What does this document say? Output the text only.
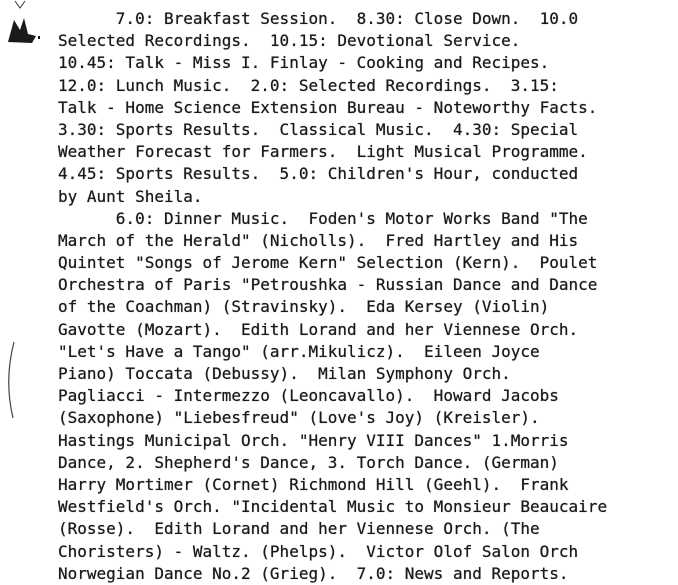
7.0: Breakfast Session.  8.30: Close Down.  10.0
Selected Recordings.  10.15: Devotional Service.
10.45: Talk - Miss I. Finlay - Cooking and Recipes.
12.0: Lunch Music.  2.0: Selected Recordings.  3.15:
Talk - Home Science Extension Bureau - Noteworthy Facts.
3.30: Sports Results.  Classical Music.  4.30: Special
Weather Forecast for Farmers.  Light Musical Programme.
4.45: Sports Results.  5.0: Children's Hour, conducted
by Aunt Sheila.
6.0: Dinner Music.  Foden's Motor Works Band "The
March of the Herald" (Nicholls).  Fred Hartley and His
Quintet "Songs of Jerome Kern" Selection (Kern).  Poulet
Orchestra of Paris "Petroushka - Russian Dance and Dance
of the Coachman) (Stravinsky).  Eda Kersey (Violin)
Gavotte (Mozart).  Edith Lorand and her Viennese Orch.
"Let's Have a Tango" (arr.Mikulicz).  Eileen Joyce
Piano) Toccata (Debussy).  Milan Symphony Orch.
Pagliacci - Intermezzo (Leoncavallo).  Howard Jacobs
(Saxophone) "Liebesfreud" (Love's Joy) (Kreisler).
Hastings Municipal Orch. "Henry VIII Dances" 1.Morris
Dance, 2. Shepherd's Dance, 3. Torch Dance. (German)
Harry Mortimer (Cornet) Richmond Hill (Geehl).  Frank
Westfield's Orch. "Incidental Music to Monsieur Beaucaire
(Rosse).  Edith Lorand and her Viennese Orch. (The
Choristers) - Waltz. (Phelps).  Victor Olof Salon Orch
Norwegian Dance No.2 (Grieg).  7.0: News and Reports.
